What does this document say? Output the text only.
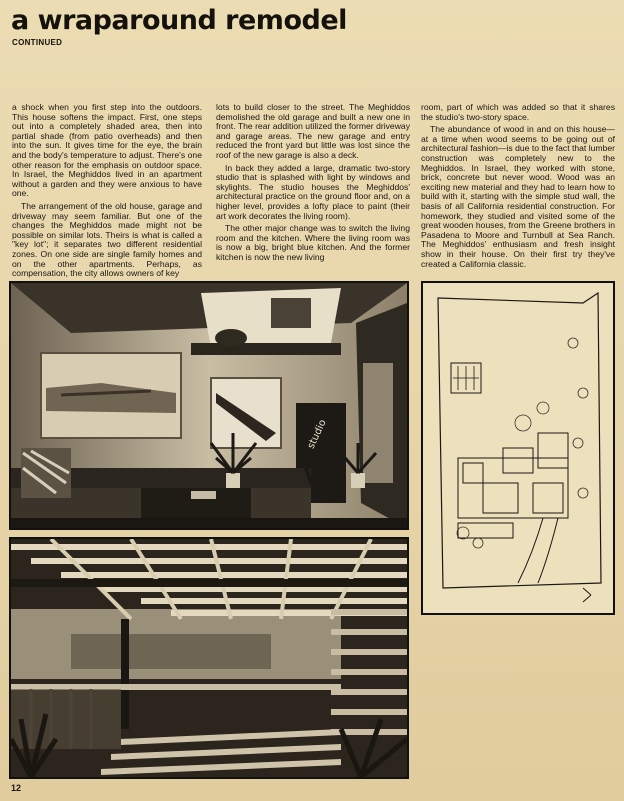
a wraparound remodel
CONTINUED

a shock when you first step into the outdoors. This house softens the impact. First, one steps out into a completely shaded area, then into partial shade (from patio overheads) and then into the sun. It gives time for the eye, the brain and the body's temperature to adjust. There's one other reason for the emphasis on outdoor space. In Israel, the Meghiddos lived in an apartment without a garden and they were anxious to have one.

The arrangement of the old house, garage and driveway may seem familiar. But one of the changes the Meghiddos made might not be possible on similar lots. Theirs is what is called a "key lot"; it separates two different residential zones. On one side are single family homes and on the other apartments. Perhaps, as compensation, the city allows owners of key

lots to build closer to the street. The Meghiddos demolished the old garage and built a new one in front. The rear addition utilized the former driveway and garage areas. The new garage and entry reduced the front yard but little was lost since the roof of the new garage is also a deck.

In back they added a large, dramatic two-story studio that is splashed with light by windows and skylights. The studio houses the Meghiddos' architectural practice on the ground floor and, on a higher level, provides a lofty place to paint (their art work decorates the living room).

The other major change was to switch the living room and the kitchen. Where the living room was is now a big, bright blue kitchen. And the former kitchen is now the new living

room, part of which was added so that it shares the studio's two-story space.

The abundance of wood in and on this house—at a time when wood seems to be going out of architectural fashion—is due to the fact that lumber construction was completely new to the Meghiddos. In Israel, they worked with stone, brick, concrete but never wood. Wood was an exciting new material and they had to learn how to build with it, starting with the simple stud wall, the basis of all California residential construction. For homework, they studied and visited some of the great wooden houses, from the Greene brothers in Pasadena to Moore and Turnbull at Sea Ranch. The Meghiddos' enthusiasm and fresh insight show in their house. On their first try they've created a California classic.

studio
12
